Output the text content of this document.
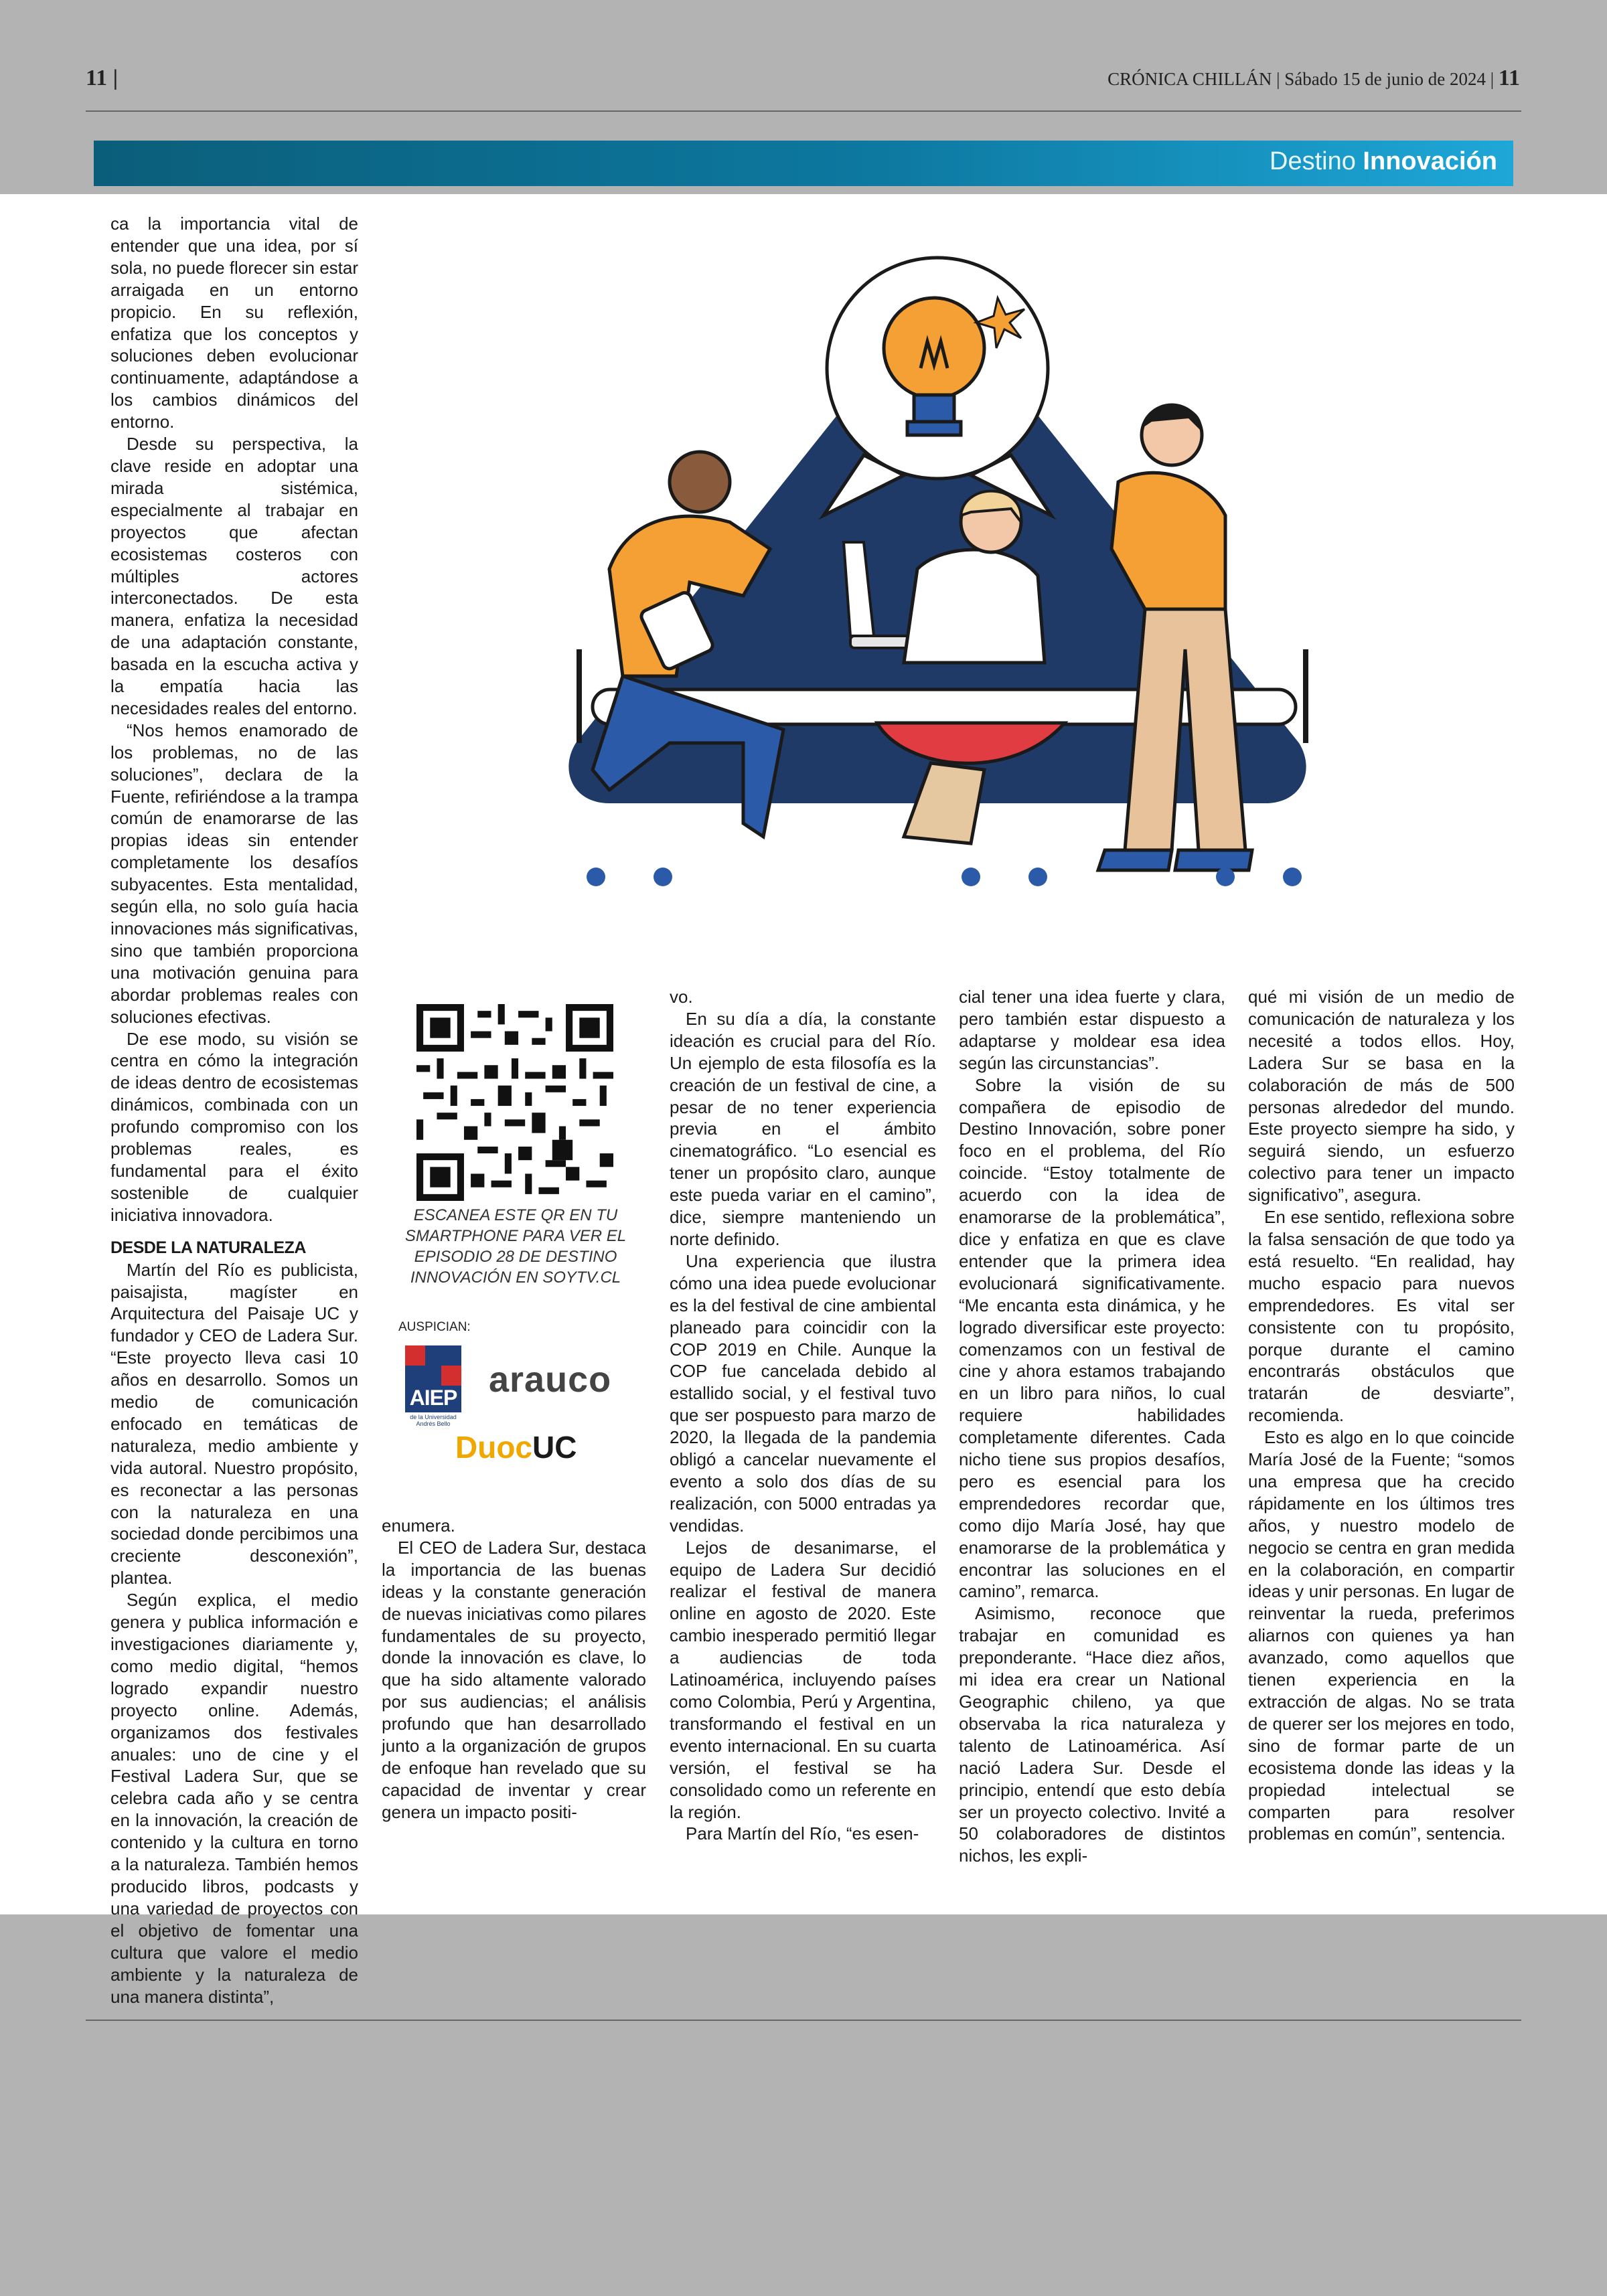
11 |	CRÓNICA CHILLÁN | Sábado 15 de junio de 2024 | 11
Destino Innovación

ca la importancia vital de entender que una idea, por sí sola, no puede florecer sin estar arraigada en un entorno propicio. En su reflexión, enfatiza que los conceptos y soluciones deben evolucionar continuamente, adaptándose a los cambios dinámicos del entorno.

Desde su perspectiva, la clave reside en adoptar una mirada sistémica, especialmente al trabajar en proyectos que afectan ecosistemas costeros con múltiples actores interconectados. De esta manera, enfatiza la necesidad de una adaptación constante, basada en la escucha activa y la empatía hacia las necesidades reales del entorno.

“Nos hemos enamorado de los problemas, no de las soluciones”, declara de la Fuente, refiriéndose a la trampa común de enamorarse de las propias ideas sin entender completamente los desafíos subyacentes. Esta mentalidad, según ella, no solo guía hacia innovaciones más significativas, sino que también proporciona una motivación genuina para abordar problemas reales con soluciones efectivas.

De ese modo, su visión se centra en cómo la integración de ideas dentro de ecosistemas dinámicos, combinada con un profundo compromiso con los problemas reales, es fundamental para el éxito sostenible de cualquier iniciativa innovadora.

DESDE LA NATURALEZA

Martín del Río es publicista, paisajista, magíster en Arquitectura del Paisaje UC y fundador y CEO de Ladera Sur. “Este proyecto lleva casi 10 años en desarrollo. Somos un medio de comunicación enfocado en temáticas de naturaleza, medio ambiente y vida autoral. Nuestro propósito, es reconectar a las personas con la naturaleza en una sociedad donde percibimos una creciente desconexión”, plantea.

Según explica, el medio genera y publica información e investigaciones diariamente y, como medio digital, “hemos logrado expandir nuestro proyecto online. Además, organizamos dos festivales anuales: uno de cine y el Festival Ladera Sur, que se celebra cada año y se centra en la innovación, la creación de contenido y la cultura en torno a la naturaleza. También hemos producido libros, podcasts y una variedad de proyectos con el objetivo de fomentar una cultura que valore el medio ambiente y la naturaleza de una manera distinta”,

ESCANEA ESTE QR EN TU SMARTPHONE PARA VER EL EPISODIO 28 DE DESTINO INNOVACIÓN EN SOYTV.CL
AUSPICIAN:
AIEP
de la Universidad Andrés Bello
arauco
DuocUC

enumera.

El CEO de Ladera Sur, destaca la importancia de las buenas ideas y la constante generación de nuevas iniciativas como pilares fundamentales de su proyecto, donde la innovación es clave, lo que ha sido altamente valorado por sus audiencias; el análisis profundo que han desarrollado junto a la organización de grupos de enfoque han revelado que su capacidad de inventar y crear genera un impacto positi-

vo.

En su día a día, la constante ideación es crucial para del Río. Un ejemplo de esta filosofía es la creación de un festival de cine, a pesar de no tener experiencia previa en el ámbito cinematográfico. “Lo esencial es tener un propósito claro, aunque este pueda variar en el camino”, dice, siempre manteniendo un norte definido.

Una experiencia que ilustra cómo una idea puede evolucionar es la del festival de cine ambiental planeado para coincidir con la COP 2019 en Chile. Aunque la COP fue cancelada debido al estallido social, y el festival tuvo que ser pospuesto para marzo de 2020, la llegada de la pandemia obligó a cancelar nuevamente el evento a solo dos días de su realización, con 5000 entradas ya vendidas.

Lejos de desanimarse, el equipo de Ladera Sur decidió realizar el festival de manera online en agosto de 2020. Este cambio inesperado permitió llegar a audiencias de toda Latinoamérica, incluyendo países como Colombia, Perú y Argentina, transformando el festival en un evento internacional. En su cuarta versión, el festival se ha consolidado como un referente en la región.

Para Martín del Río, “es esen-

cial tener una idea fuerte y clara, pero también estar dispuesto a adaptarse y moldear esa idea según las circunstancias”.

Sobre la visión de su compañera de episodio de Destino Innovación, sobre poner foco en el problema, del Río coincide. “Estoy totalmente de acuerdo con la idea de enamorarse de la problemática”, dice y enfatiza en que es clave entender que la primera idea evolucionará significativamente. “Me encanta esta dinámica, y he logrado diversificar este proyecto: comenzamos con un festival de cine y ahora estamos trabajando en un libro para niños, lo cual requiere habilidades completamente diferentes. Cada nicho tiene sus propios desafíos, pero es esencial para los emprendedores recordar que, como dijo María José, hay que enamorarse de la problemática y encontrar las soluciones en el camino”, remarca.

Asimismo, reconoce que trabajar en comunidad es preponderante. “Hace diez años, mi idea era crear un National Geographic chileno, ya que observaba la rica naturaleza y talento de Latinoamérica. Así nació Ladera Sur. Desde el principio, entendí que esto debía ser un proyecto colectivo. Invité a 50 colaboradores de distintos nichos, les expli-

qué mi visión de un medio de comunicación de naturaleza y los necesité a todos ellos. Hoy, Ladera Sur se basa en la colaboración de más de 500 personas alrededor del mundo. Este proyecto siempre ha sido, y seguirá siendo, un esfuerzo colectivo para tener un impacto significativo”, asegura.

En ese sentido, reflexiona sobre la falsa sensación de que todo ya está resuelto. “En realidad, hay mucho espacio para nuevos emprendedores. Es vital ser consistente con tu propósito, porque durante el camino encontrarás obstáculos que tratarán de desviarte”, recomienda.

Esto es algo en lo que coincide María José de la Fuente; “somos una empresa que ha crecido rápidamente en los últimos tres años, y nuestro modelo de negocio se centra en gran medida en la colaboración, en compartir ideas y unir personas. En lugar de reinventar la rueda, preferimos aliarnos con quienes ya han avanzado, como aquellos que tienen experiencia en la extracción de algas. No se trata de querer ser los mejores en todo, sino de formar parte de un ecosistema donde las ideas y la propiedad intelectual se comparten para resolver problemas en común”, sentencia.
